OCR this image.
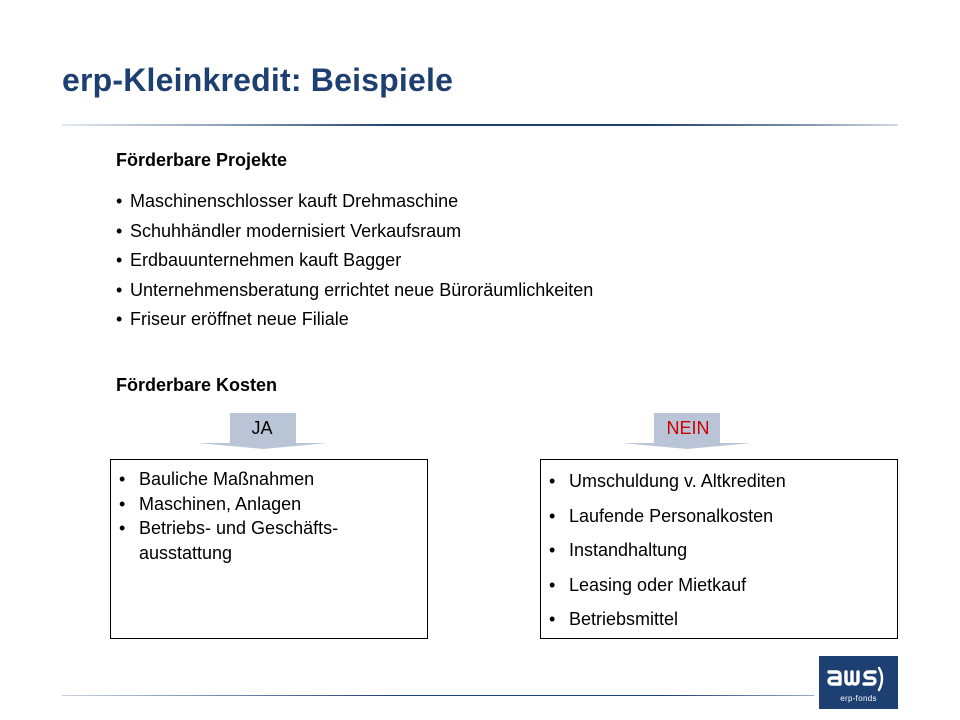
erp-Kleinkredit: Beispiele
Förderbare Projekte
• Maschinenschlosser kauft Drehmaschine
• Schuhhändler modernisiert Verkaufsraum
• Erdbauunternehmen kauft Bagger
• Unternehmensberatung errichtet neue Büroräumlichkeiten
• Friseur eröffnet neue Filiale
Förderbare Kosten
JA	NEIN
• Bauliche Maßnahmen
• Maschinen, Anlagen
• Betriebs- und Geschäfts-
ausstattung
• Umschuldung v. Altkrediten
• Laufende Personalkosten
• Instandhaltung
• Leasing oder Mietkauf
• Betriebsmittel
erp-fonds
